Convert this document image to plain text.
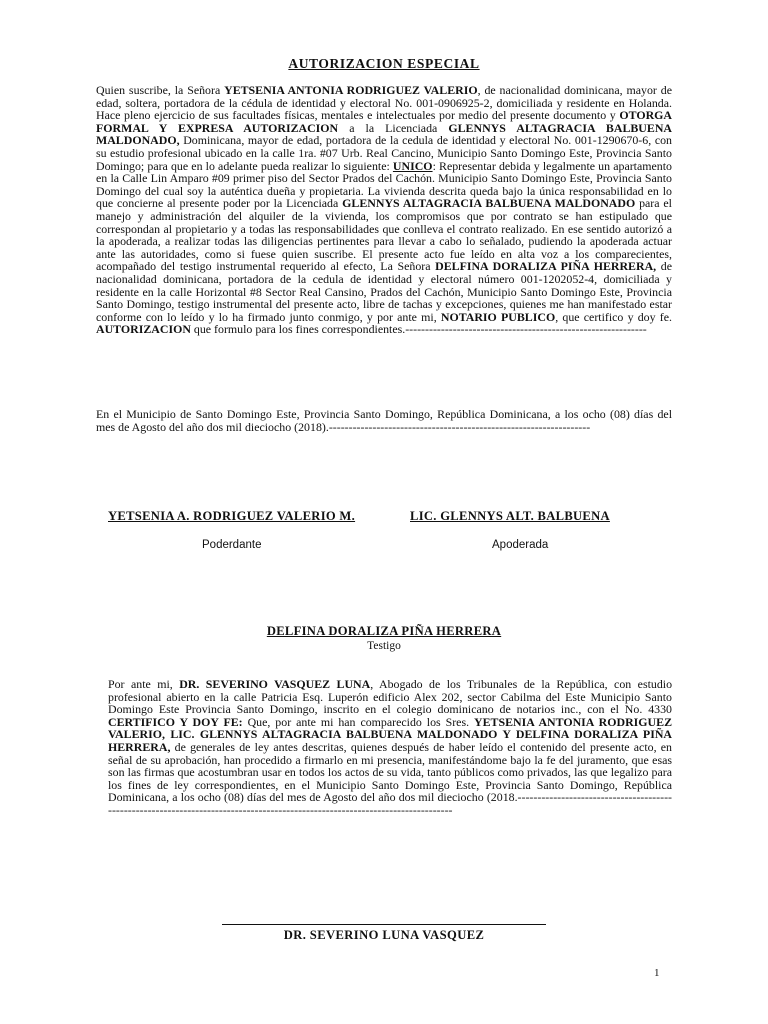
AUTORIZACION ESPECIAL

Quien suscribe, la Señora YETSENIA ANTONIA RODRIGUEZ VALERIO, de nacionalidad dominicana, mayor de edad, soltera, portadora de la cédula de identidad y electoral No. 001-0906925-2, domiciliada y residente en Holanda. Hace pleno ejercicio de sus facultades físicas, mentales e intelectuales por medio del presente documento y OTORGA FORMAL Y EXPRESA AUTORIZACION a la Licenciada GLENNYS ALTAGRACIA BALBUENA MALDONADO, Dominicana, mayor de edad, portadora de la cedula de identidad y electoral No. 001-1290670-6, con su estudio profesional ubicado en la calle 1ra. #07 Urb. Real Cancino, Municipio Santo Domingo Este, Provincia Santo Domingo; para que en lo adelante pueda realizar lo siguiente: UNICO: Representar debida y legalmente un apartamento en la Calle Lin Amparo #09 primer piso del Sector Prados del Cachón. Municipio Santo Domingo Este, Provincia Santo Domingo del cual soy la auténtica dueña y propietaria. La vivienda descrita queda bajo la única responsabilidad en lo que concierne al presente poder por la Licenciada GLENNYS ALTAGRACIA BALBUENA MALDONADO para el manejo y administración del alquiler de la vivienda, los compromisos que por contrato se han estipulado que correspondan al propietario y a todas las responsabilidades que conlleva el contrato realizado. En ese sentido autorizó a la apoderada, a realizar todas las diligencias pertinentes para llevar a cabo lo señalado, pudiendo la apoderada actuar ante las autoridades, como si fuese quien suscribe. El presente acto fue leído en alta voz a los comparecientes, acompañado del testigo instrumental requerido al efecto, La Señora DELFINA DORALIZA PIÑA HERRERA, de nacionalidad dominicana, portadora de la cedula de identidad y electoral número 001-1202052-4, domiciliada y residente en la calle Horizontal #8 Sector Real Cansino, Prados del Cachón, Municipio Santo Domingo Este, Provincia Santo Domingo, testigo instrumental del presente acto, libre de tachas y excepciones, quienes me han manifestado estar conforme con lo leído y lo ha firmado junto conmigo, y por ante mi, NOTARIO PUBLICO, que certifico y doy fe. AUTORIZACION que formulo para los fines correspondientes.-------------------------------------------------------------

En el Municipio de Santo Domingo Este, Provincia Santo Domingo, República Dominicana, a los ocho (08) días del mes de Agosto del año dos mil dieciocho (2018).------------------------------------------------------------------

YETSENIA A. RODRIGUEZ VALERIO M.
Poderdante
LIC. GLENNYS ALT. BALBUENA
Apoderada
DELFINA DORALIZA PIÑA HERRERA
Testigo

Por ante mi, DR. SEVERINO VASQUEZ LUNA, Abogado de los Tribunales de la República, con estudio profesional abierto en la calle Patricia Esq. Luperón edificio Alex 202, sector Cabilma del Este Municipio Santo Domingo Este Provincia Santo Domingo, inscrito en el colegio dominicano de notarios inc., con el No. 4330 CERTIFICO Y DOY FE: Que, por ante mi han comparecido los Sres. YETSENIA ANTONIA RODRIGUEZ VALERIO, LIC. GLENNYS ALTAGRACIA BALBUENA MALDONADO Y DELFINA DORALIZA PIÑA HERRERA, de generales de ley antes descritas, quienes después de haber leído el contenido del presente acto, en señal de su aprobación, han procedido a firmarlo en mi presencia, manifestándome bajo la fe del juramento, que esas son las firmas que acostumbran usar en todos los actos de su vida, tanto públicos como privados, las que legalizo para los fines de ley correspondientes, en el Municipio Santo Domingo Este, Provincia Santo Domingo, República Dominicana, a los ocho (08) días del mes de Agosto del año dos mil dieciocho (2018.------------------------------------------------------------------------------------------------------------------------------

DR. SEVERINO LUNA VASQUEZ
1
